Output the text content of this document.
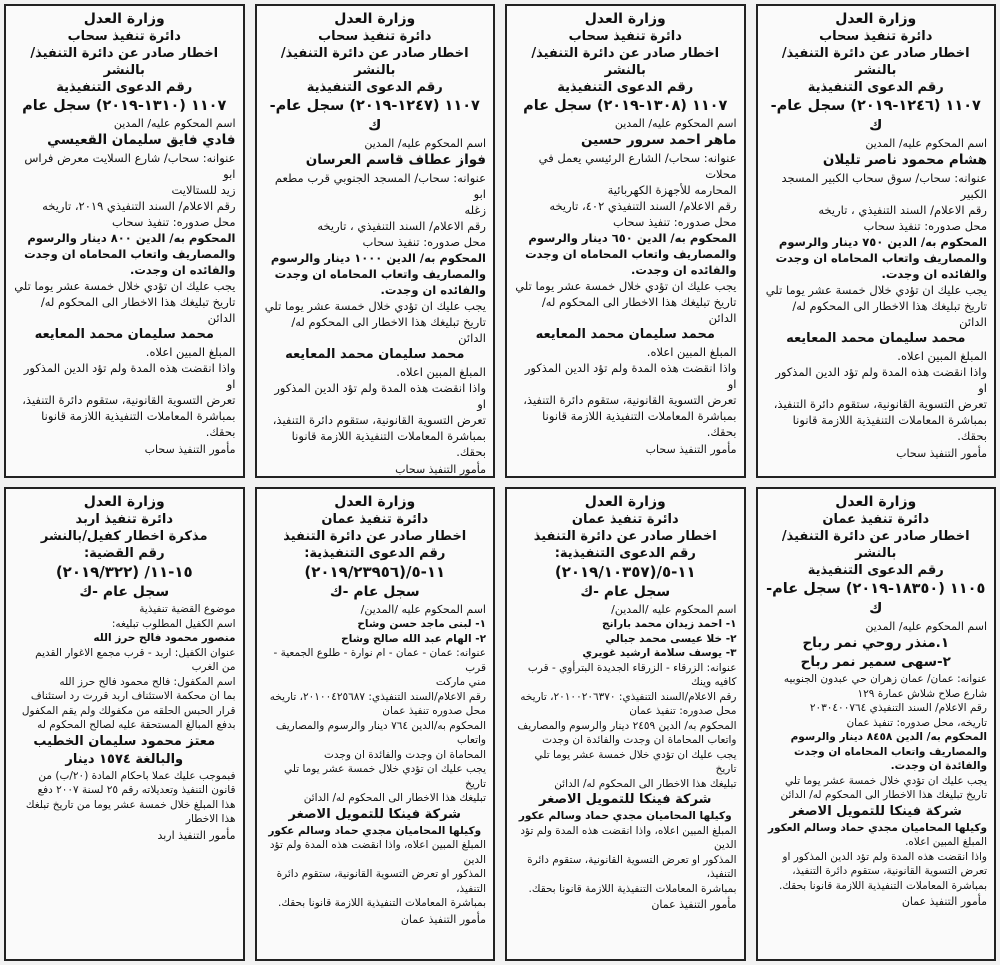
وزارة العدل
دائرة تنفيذ سحاب
اخطار صادر عن دائرة التنفيذ/بالنشر
رقم الدعوى التنفيذية
١١٠٧ (١٢٤٦-٢٠١٩) سجل عام-ك
اسم المحكوم عليه/ المدين
هشام محمود ناصر تليلان
عنوانه: سحاب/ سوق سحاب الكبير المسجد الكبير
رقم الاعلام/ السند التنفيذي ، تاريخه
محل صدوره: تنفيذ سحاب
المحكوم به/ الدين ٧٥٠ دينار والرسوم
والمصاريف واتعاب المحاماه ان وجدت
والفائده ان وجدت.
يجب عليك ان تؤدي خلال خمسة عشر يوما تلي
تاريخ تبليغك هذا الاخطار الى المحكوم له/ الدائن
محمد سليمان محمد المعايعه
المبلغ المبين اعلاه.
واذا انقضت هذه المدة ولم تؤد الدين المذكور او
تعرض التسوية القانونية، ستقوم دائرة التنفيذ،
بمباشرة المعاملات التنفيذية اللازمة قانونا بحقك.
مأمور التنفيذ سحاب
وزارة العدل
دائرة تنفيذ سحاب
اخطار صادر عن دائرة التنفيذ/بالنشر
رقم الدعوى التنفيذية
١١٠٧ (١٣٠٨-٢٠١٩) سجل عام
اسم المحكوم عليه/ المدين
ماهر احمد سرور حسين
عنوانه: سحاب/ الشارع الرئيسي يعمل في محلات
المحارمه للأجهزة الكهربائية
رقم الاعلام/ السند التنفيذي ٤٠٢، تاريخه
محل صدوره: تنفيذ سحاب
المحكوم به/ الدين ٦٥٠ دينار والرسوم
والمصاريف واتعاب المحاماه ان وجدت
والفائده ان وجدت.
يجب عليك ان تؤدي خلال خمسة عشر يوما تلي
تاريخ تبليغك هذا الاخطار الى المحكوم له/ الدائن
محمد سليمان محمد المعايعه
المبلغ المبين اعلاه.
واذا انقضت هذه المدة ولم تؤد الدين المذكور او
تعرض التسوية القانونية، ستقوم دائرة التنفيذ،
بمباشرة المعاملات التنفيذية اللازمة قانونا بحقك.
مأمور التنفيذ سحاب
وزارة العدل
دائرة تنفيذ سحاب
اخطار صادر عن دائرة التنفيذ/بالنشر
رقم الدعوى التنفيذية
١١٠٧ (١٢٤٧-٢٠١٩) سجل عام-ك
اسم المحكوم عليه/ المدين
فواز عطاف قاسم العرسان
عنوانه: سحاب/ المسجد الجنوبي قرب مطعم ابو
زغله
رقم الاعلام/ السند التنفيذي ، تاريخه
محل صدوره: تنفيذ سحاب
المحكوم به/ الدين ١٠٠٠ دينار والرسوم
والمصاريف واتعاب المحاماه ان وجدت
والفائده ان وجدت.
يجب عليك ان تؤدي خلال خمسة عشر يوما تلي
تاريخ تبليغك هذا الاخطار الى المحكوم له/ الدائن
محمد سليمان محمد المعايعه
المبلغ المبين اعلاه.
واذا انقضت هذه المدة ولم تؤد الدين المذكور او
تعرض التسوية القانونية، ستقوم دائرة التنفيذ،
بمباشرة المعاملات التنفيذية اللازمة قانونا بحقك.
مأمور التنفيذ سحاب
وزارة العدل
دائرة تنفيذ سحاب
اخطار صادر عن دائرة التنفيذ/بالنشر
رقم الدعوى التنفيذية
١١٠٧ (١٣١٠-٢٠١٩) سجل عام
اسم المحكوم عليه/ المدين
فادي فايق سليمان القعيسي
عنوانه: سحاب/ شارع السلايت معرض فراس ابو
زيد للستالايت
رقم الاعلام/ السند التنفيذي ٢٠١٩، تاريخه
محل صدوره: تنفيذ سحاب
المحكوم به/ الدين ٨٠٠ دينار والرسوم
والمصاريف واتعاب المحاماه ان وجدت
والفائده ان وجدت.
يجب عليك ان تؤدي خلال خمسة عشر يوما تلي
تاريخ تبليغك هذا الاخطار الى المحكوم له/ الدائن
محمد سليمان محمد المعايعه
المبلغ المبين اعلاه.
واذا انقضت هذه المدة ولم تؤد الدين المذكور او
تعرض التسوية القانونية، ستقوم دائرة التنفيذ،
بمباشرة المعاملات التنفيذية اللازمة قانونا بحقك.
مأمور التنفيذ سحاب
وزارة العدل
دائرة تنفيذ عمان
اخطار صادر عن دائرة التنفيذ/بالنشر
رقم الدعوى التنفيذية
١١٠٥ (١٨٣٥٠-٢٠١٩) سجل عام-ك
اسم المحكوم عليه/ المدين
١.منذر روحي نمر رباح
٢-سهى سمير نمر رباح
عنوانه: عمان/ عمان زهران حي عبدون الجنوبيه
شارع صلاح شلاش عمارة ١٢٩
رقم الاعلام/ السند التنفيذي ٢٠٣٠٤٠٠٧٦٤
تاريخه، محل صدوره: تنفيذ عمان
المحكوم به/ الدين ٨٤٥٨ دينار والرسوم
والمصاريف واتعاب المحاماه ان وجدت
والفائدة ان وجدت.
يجب عليك ان تؤدي خلال خمسة عشر يوما تلي
تاريخ تبليغك هذا الاخطار الى المحكوم له/ الدائن
شركة فينكا للتمويل الاصغر
وكيلها المحاميان مجدي حماد وسالم العكور
المبلغ المبين اعلاه.
واذا انقضت هذه المدة ولم تؤد الدين المذكور او
تعرض التسوية القانونية، ستقوم دائرة التنفيذ،
بمباشرة المعاملات التنفيذية اللازمة قانونا بحقك.
مأمور التنفيذ عمان
وزارة العدل
دائرة تنفيذ عمان
اخطار صادر عن دائرة التنفيذ
رقم الدعوى التنفيذية:
١١-٥/(٢٠١٩/١٠٣٥٧)
سجل عام -ك
اسم المحكوم عليه /المدين/
١- احمد زيدان محمد بارانج
٢- خلا عيسى محمد جبالي
٣- يوسف سلامة ارشيد غويري
عنوانه: الزرقاء - الزرقاء الجديدة البترأوي - قرب
كافيه وينك
رقم الاعلام/السند التنفيذي: ٢٠١٠٠٢٠٦٣٧٠، تاريخه
محل صدوره: تنفيذ عمان
المحكوم به/ الدين ٢٤٥٩ دينار والرسوم والمصاريف
واتعاب المحاماة ان وجدت والفائدة ان وجدت
يجب عليك ان تؤدي خلال خمسة عشر يوما تلي تاريخ
تبليغك هذا الاخطار الى المحكوم له/ الدائن
شركة فينكا للتمويل الاصغر
وكيلها المحاميان مجدي حماد وسالم عكور
المبلغ المبين اعلاه، واذا انقضت هذه المدة ولم تؤد الدين
المذكور او تعرض التسوية القانونية، ستقوم دائرة التنفيذ،
بمباشرة المعاملات التنفيذية اللازمة قانونا بحقك.
مأمور التنفيذ عمان
وزارة العدل
دائرة تنفيذ عمان
اخطار صادر عن دائرة التنفيذ
رقم الدعوى التنفيذية:
١١-٥/(٢٠١٩/٢٣٩٥٦)
سجل عام -ك
اسم المحكوم عليه /المدين/
١- لبنى ماجد حسن وشاح
٢- الهام عبد الله صالح وشاح
عنوانه: عمان - عمان - ام نوارة - طلوع الجمعية - قرب
مني ماركت
رقم الاعلام/السند التنفيذي: ٢٠١٠٠٤٢٥٦٨٧، تاريخه
محل صدوره تنفيذ عمان
المحكوم به/الدين ٧٦٤ دينار والرسوم والمصاريف واتعاب
المحاماة ان وجدت والفائدة ان وجدت
يجب عليك ان تؤدي خلال خمسة عشر يوما تلي تاريخ
تبليغك هذا الاخطار الى المحكوم له/ الدائن
شركة فينكا للتمويل الاصغر
وكيلها المحاميان مجدي حماد وسالم عكور
المبلغ المبين اعلاه، واذا انقضت هذه المدة ولم تؤد الدين
المذكور او تعرض التسوية القانونية، ستقوم دائرة التنفيذ،
بمباشرة المعاملات التنفيذية اللازمة قانونا بحقك.
مأمور التنفيذ عمان
وزارة العدل
دائرة تنفيذ اربد
مذكرة اخطار كفيل/بالنشر
رقم القضية:
١٥-١١/ (٢٠١٩/٣٢٢)
سجل عام -ك
موضوع القضية تنفيذية
اسم الكفيل المطلوب تبليغه:
منصور محمود فالح حرز الله
عنوان الكفيل: اربد - قرب مجمع الاغوار القديم
من الغرب
اسم المكفول: فالح محمود فالح حرز الله
بما ان محكمة الاستئناف اربد قررت رد استئناف
قرار الحبس الحلقه من مكفولك ولم يقم المكفول
بدفع المبالغ المستحقة عليه لصالح المحكوم له
معتز محمود سليمان الخطيب
والبالغة ١٥٧٤ دينار
فبموجب عليك عملا باحكام المادة (٢٠/ب) من
قانون التنفيذ وتعديلاته رقم ٢٥ لسنة ٢٠٠٧ دفع
هذا المبلغ خلال خمسة عشر يوما من تاريخ تبلغك
هذا الاخطار
مأمور التنفيذ اربد
